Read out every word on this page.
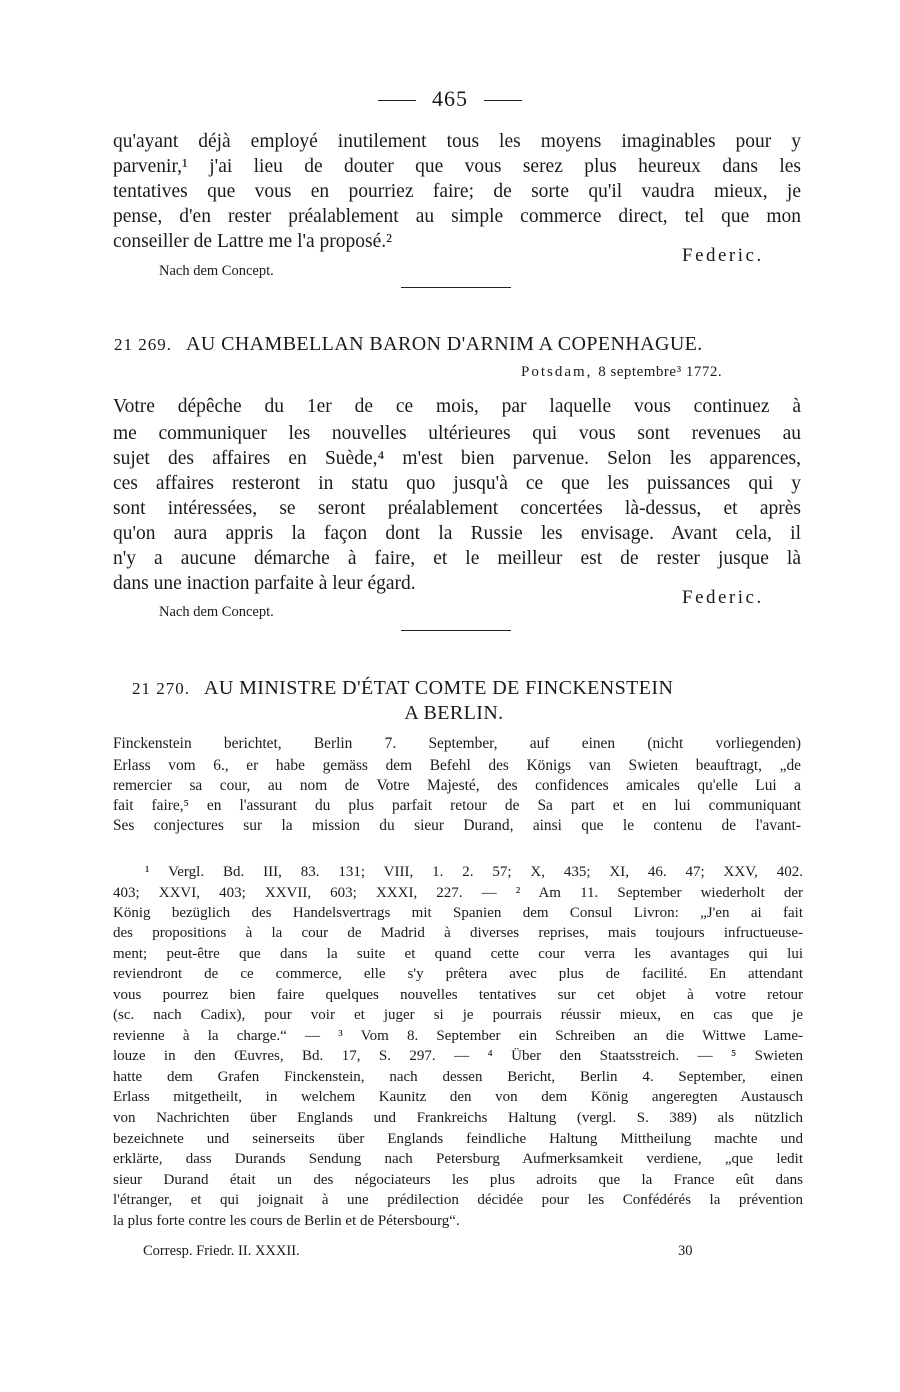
465
qu'ayant déjà employé inutilement tous les moyens imaginables pour y
parvenir,¹ j'ai lieu de douter que vous serez plus heureux dans les
tentatives que vous en pourriez faire; de sorte qu'il vaudra mieux, je
pense, d'en rester préalablement au simple commerce direct, tel que mon
conseiller de Lattre me l'a proposé.²
Federic.
Nach dem Concept.
21 269. AU CHAMBELLAN BARON D'ARNIM A COPENHAGUE.
Potsdam, 8 septembre³ 1772.
Votre dépêche du 1er de ce mois, par laquelle vous continuez à
me communiquer les nouvelles ultérieures qui vous sont revenues au
sujet des affaires en Suède,⁴ m'est bien parvenue. Selon les apparences,
ces affaires resteront in statu quo jusqu'à ce que les puissances qui y
sont intéressées, se seront préalablement concertées là-dessus, et après
qu'on aura appris la façon dont la Russie les envisage. Avant cela, il
n'y a aucune démarche à faire, et le meilleur est de rester jusque là
dans une inaction parfaite à leur égard.
Federic.
Nach dem Concept.
21 270. AU MINISTRE D'ÉTAT COMTE DE FINCKENSTEIN
A BERLIN.
Finckenstein berichtet, Berlin 7. September, auf einen (nicht vorliegenden)
Erlass vom 6., er habe gemäss dem Befehl des Königs van Swieten beauftragt, „de
remercier sa cour, au nom de Votre Majesté, des confidences amicales qu'elle Lui a
fait faire,⁵ en l'assurant du plus parfait retour de Sa part et en lui communiquant
Ses conjectures sur la mission du sieur Durand, ainsi que le contenu de l'avant-
¹ Vergl. Bd. III, 83. 131; VIII, 1. 2. 57; X, 435; XI, 46. 47; XXV, 402.
403; XXVI, 403; XXVII, 603; XXXI, 227. — ² Am 11. September wiederholt der
König bezüglich des Handelsvertrags mit Spanien dem Consul Livron: „J'en ai fait
des propositions à la cour de Madrid à diverses reprises, mais toujours infructueuse-
ment; peut-être que dans la suite et quand cette cour verra les avantages qui lui
reviendront de ce commerce, elle s'y prêtera avec plus de facilité. En attendant
vous pourrez bien faire quelques nouvelles tentatives sur cet objet à votre retour
(sc. nach Cadix), pour voir et juger si je pourrais réussir mieux, en cas que je
revienne à la charge.“ — ³ Vom 8. September ein Schreiben an die Wittwe Lame-
louze in den Œuvres, Bd. 17, S. 297. — ⁴ Über den Staatsstreich. — ⁵ Swieten
hatte dem Grafen Finckenstein, nach dessen Bericht, Berlin 4. September, einen
Erlass mitgetheilt, in welchem Kaunitz den von dem König angeregten Austausch
von Nachrichten über Englands und Frankreichs Haltung (vergl. S. 389) als nützlich
bezeichnete und seinerseits über Englands feindliche Haltung Mittheilung machte und
erklärte, dass Durands Sendung nach Petersburg Aufmerksamkeit verdiene, „que ledit
sieur Durand était un des négociateurs les plus adroits que la France eût dans
l'étranger, et qui joignait à une prédilection décidée pour les Confédérés la prévention
la plus forte contre les cours de Berlin et de Pétersbourg“.
Corresp. Friedr. II. XXXII.	30
